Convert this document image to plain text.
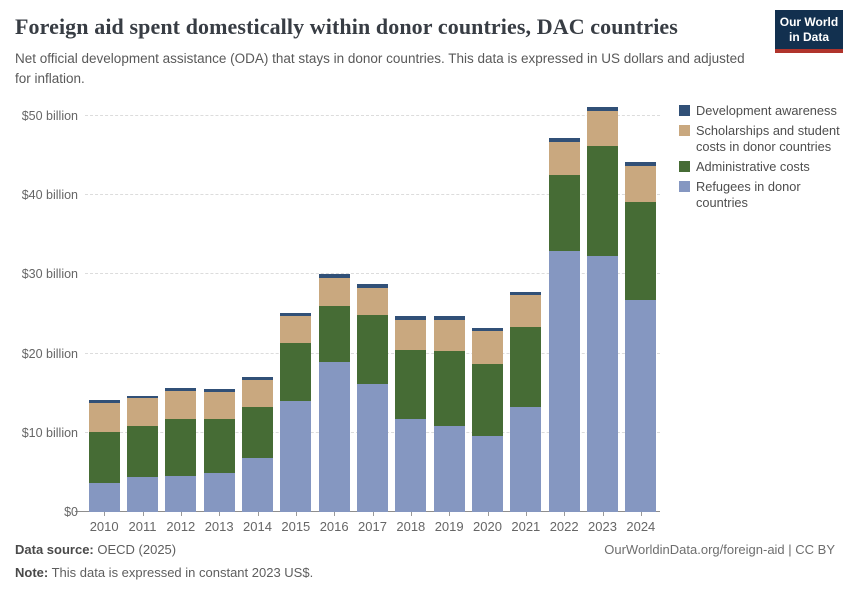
Foreign aid spent domestically within donor countries, DAC countries

Net official development assistance (ODA) that stays in donor countries. This data is expressed in US dollars and adjusted for inflation.

Our World
in Data
$0
$10 billion
$20 billion
$30 billion
$40 billion
$50 billion
2010 2011 2012 2013 2014 2015 2016 2017 2018 2019 2020 2021 2022 2023 2024
Development awareness
Scholarships and student costs in donor countries
Administrative costs
Refugees in donor countries
Data source: OECD (2025)	OurWorldinData.org/foreign-aid | CC BY
Note: This data is expressed in constant 2023 US$.
